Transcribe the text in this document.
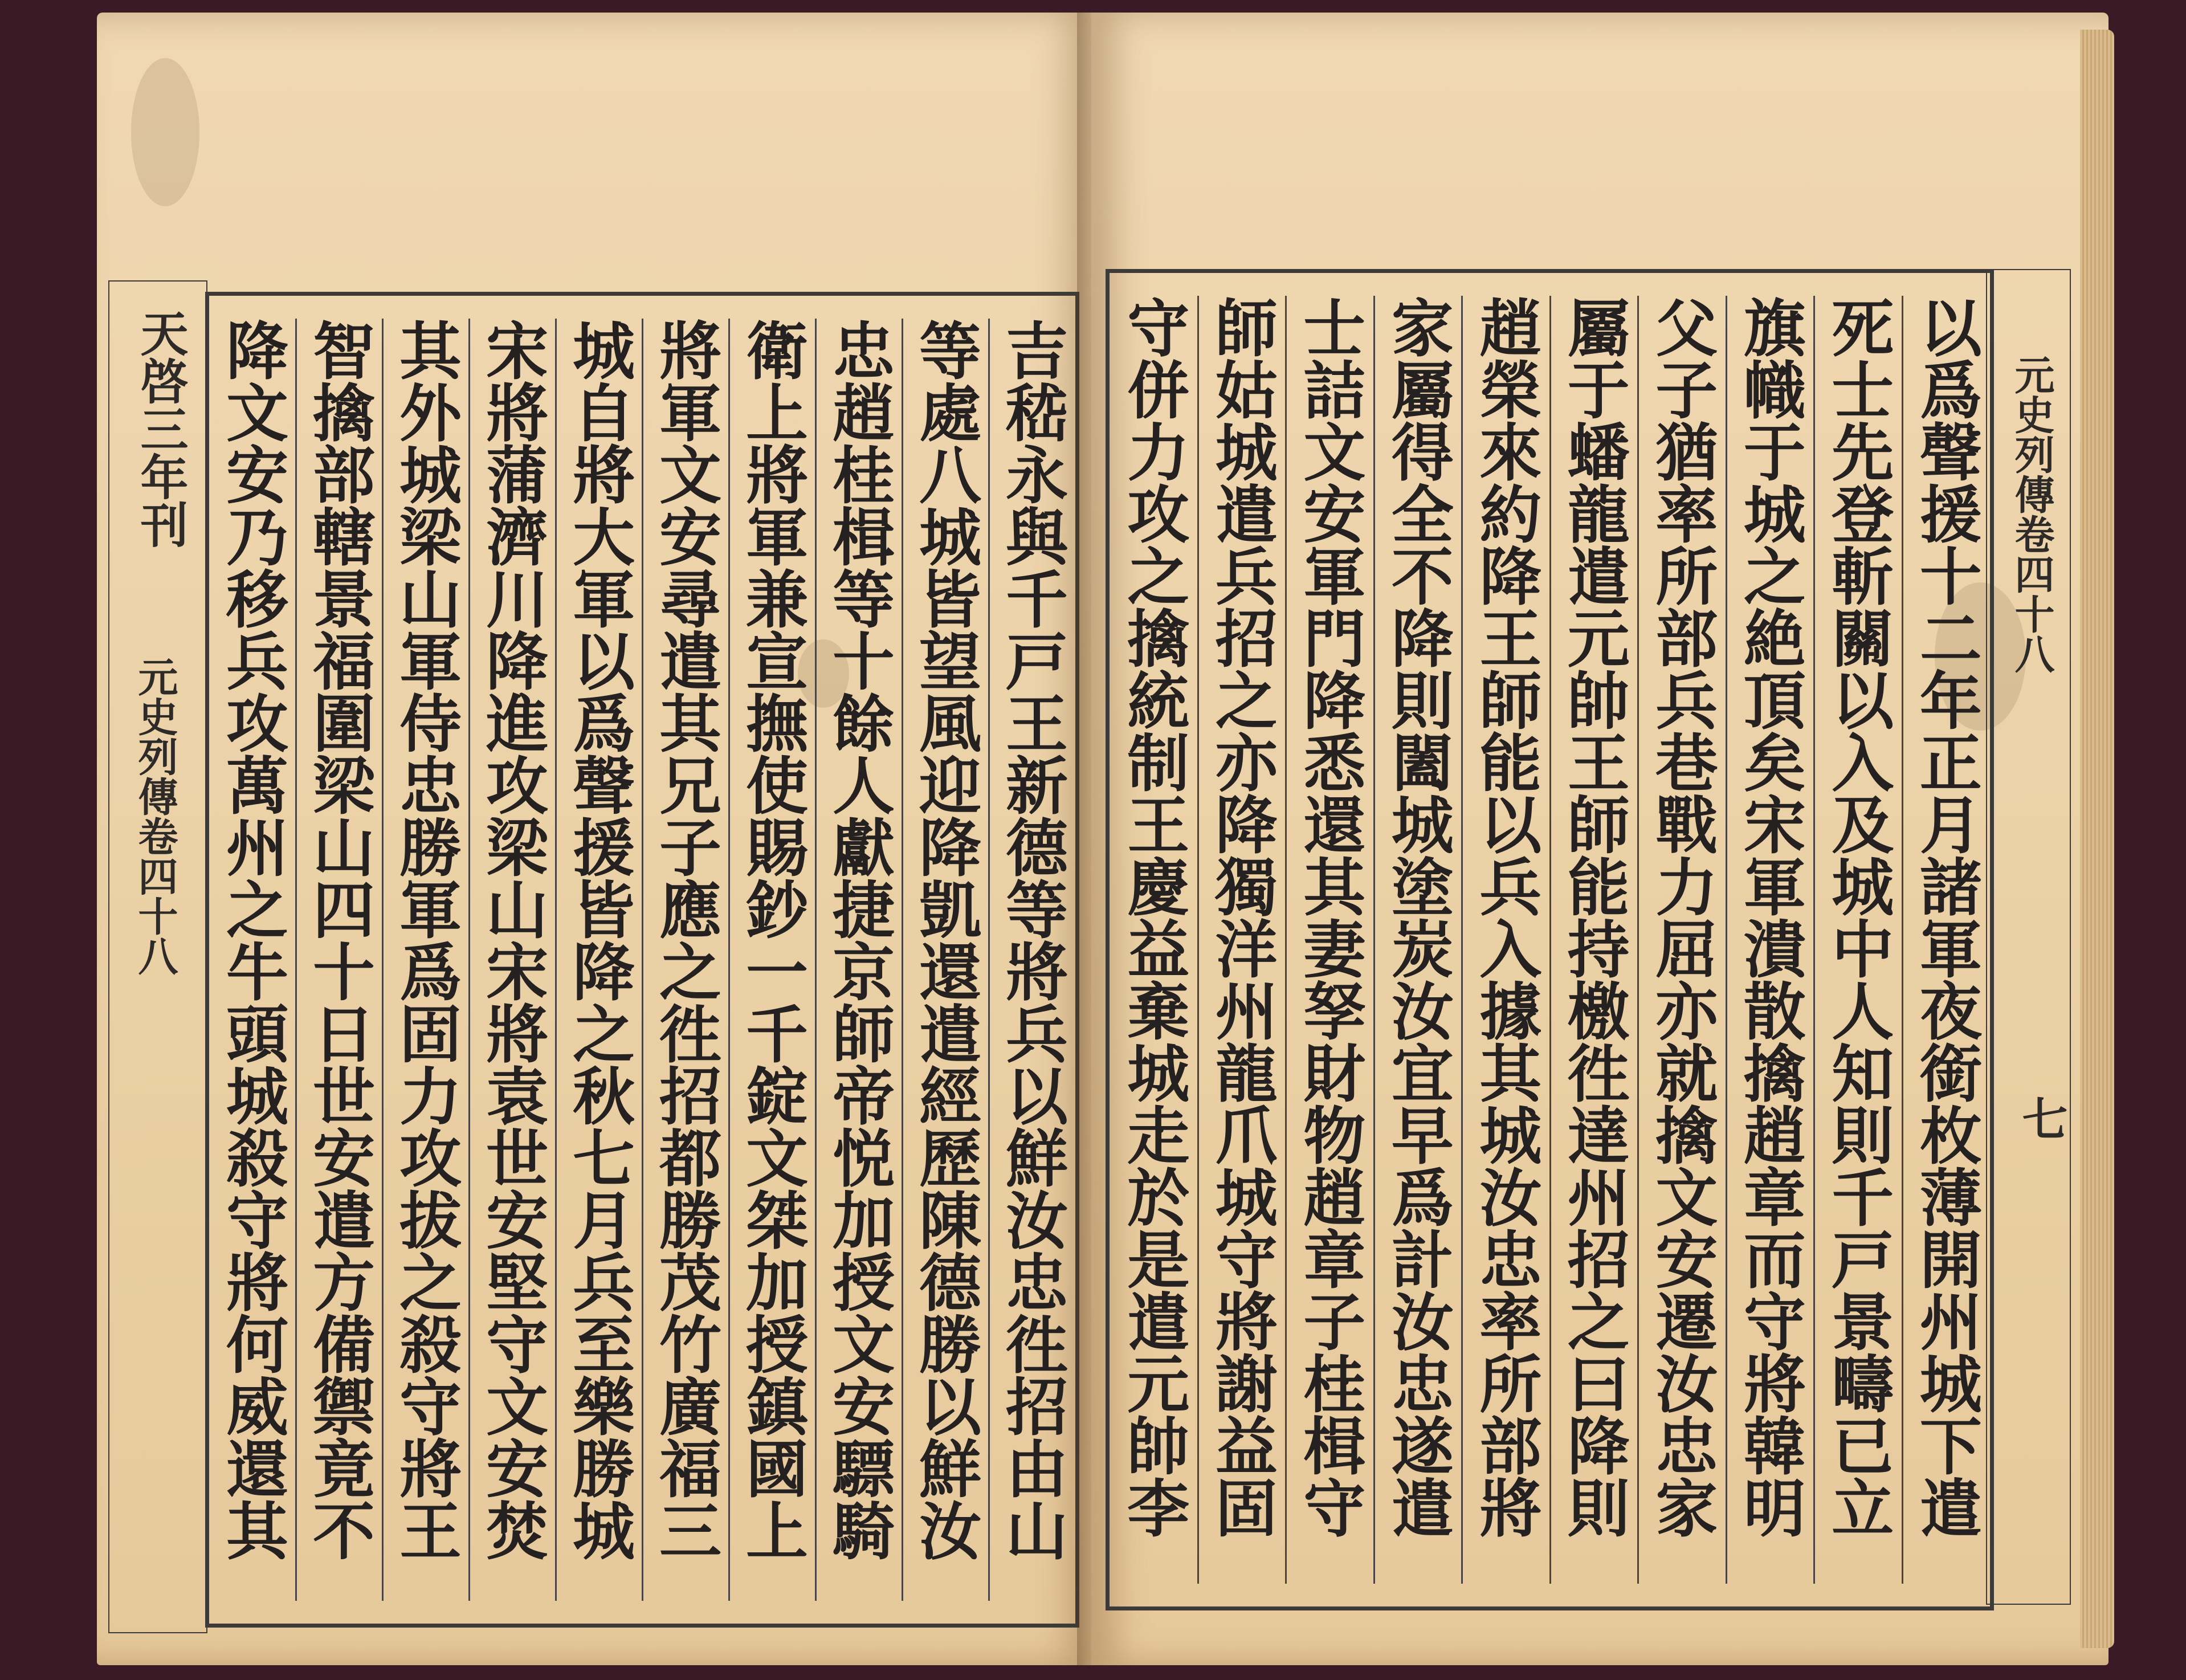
天啓三年刊
元史列傳卷四十八	吉嵇永與千戸王新德等將兵以鮮汝忠徃招由山
等處八城皆望風迎降凱還遣經歷陳德勝以鮮汝
忠趙桂楫等十餘人獻捷京師帝悦加授文安驃騎
衛上將軍兼宣撫使賜鈔一千錠文桀加授鎮國上
將軍文安尋遣其兄子應之徃招都勝茂竹廣福三
城自將大軍以爲聲援皆降之秋七月兵至樂勝城
宋將蒲濟川降進攻梁山宋將袁世安堅守文安焚
其外城梁山軍侍忠勝軍爲固力攻拔之殺守將王
智擒部轄景福圍梁山四十日世安遣方備禦竟不
降文安乃移兵攻萬州之牛頭城殺守將何威還其	以爲聲援十二年正月諸軍夜銜枚薄開州城下遣
死士先登斬關以入及城中人知則千戸景疇已立
旗幟于城之絶頂矣宋軍潰散擒趙章而守將韓明
父子猶率所部兵巷戰力屈亦就擒文安遷汝忠家
屬于蟠龍遣元帥王師能持檄徃達州招之曰降則
趙榮來約降王師能以兵入據其城汝忠率所部將
家屬得全不降則闔城塗炭汝宜早爲計汝忠遂遣
士詰文安軍門降悉還其妻孥財物趙章子桂楫守
師姑城遣兵招之亦降獨洋州龍爪城守將謝益固
守併力攻之擒統制王慶益棄城走於是遣元帥李	元史列傳卷四十八
七
